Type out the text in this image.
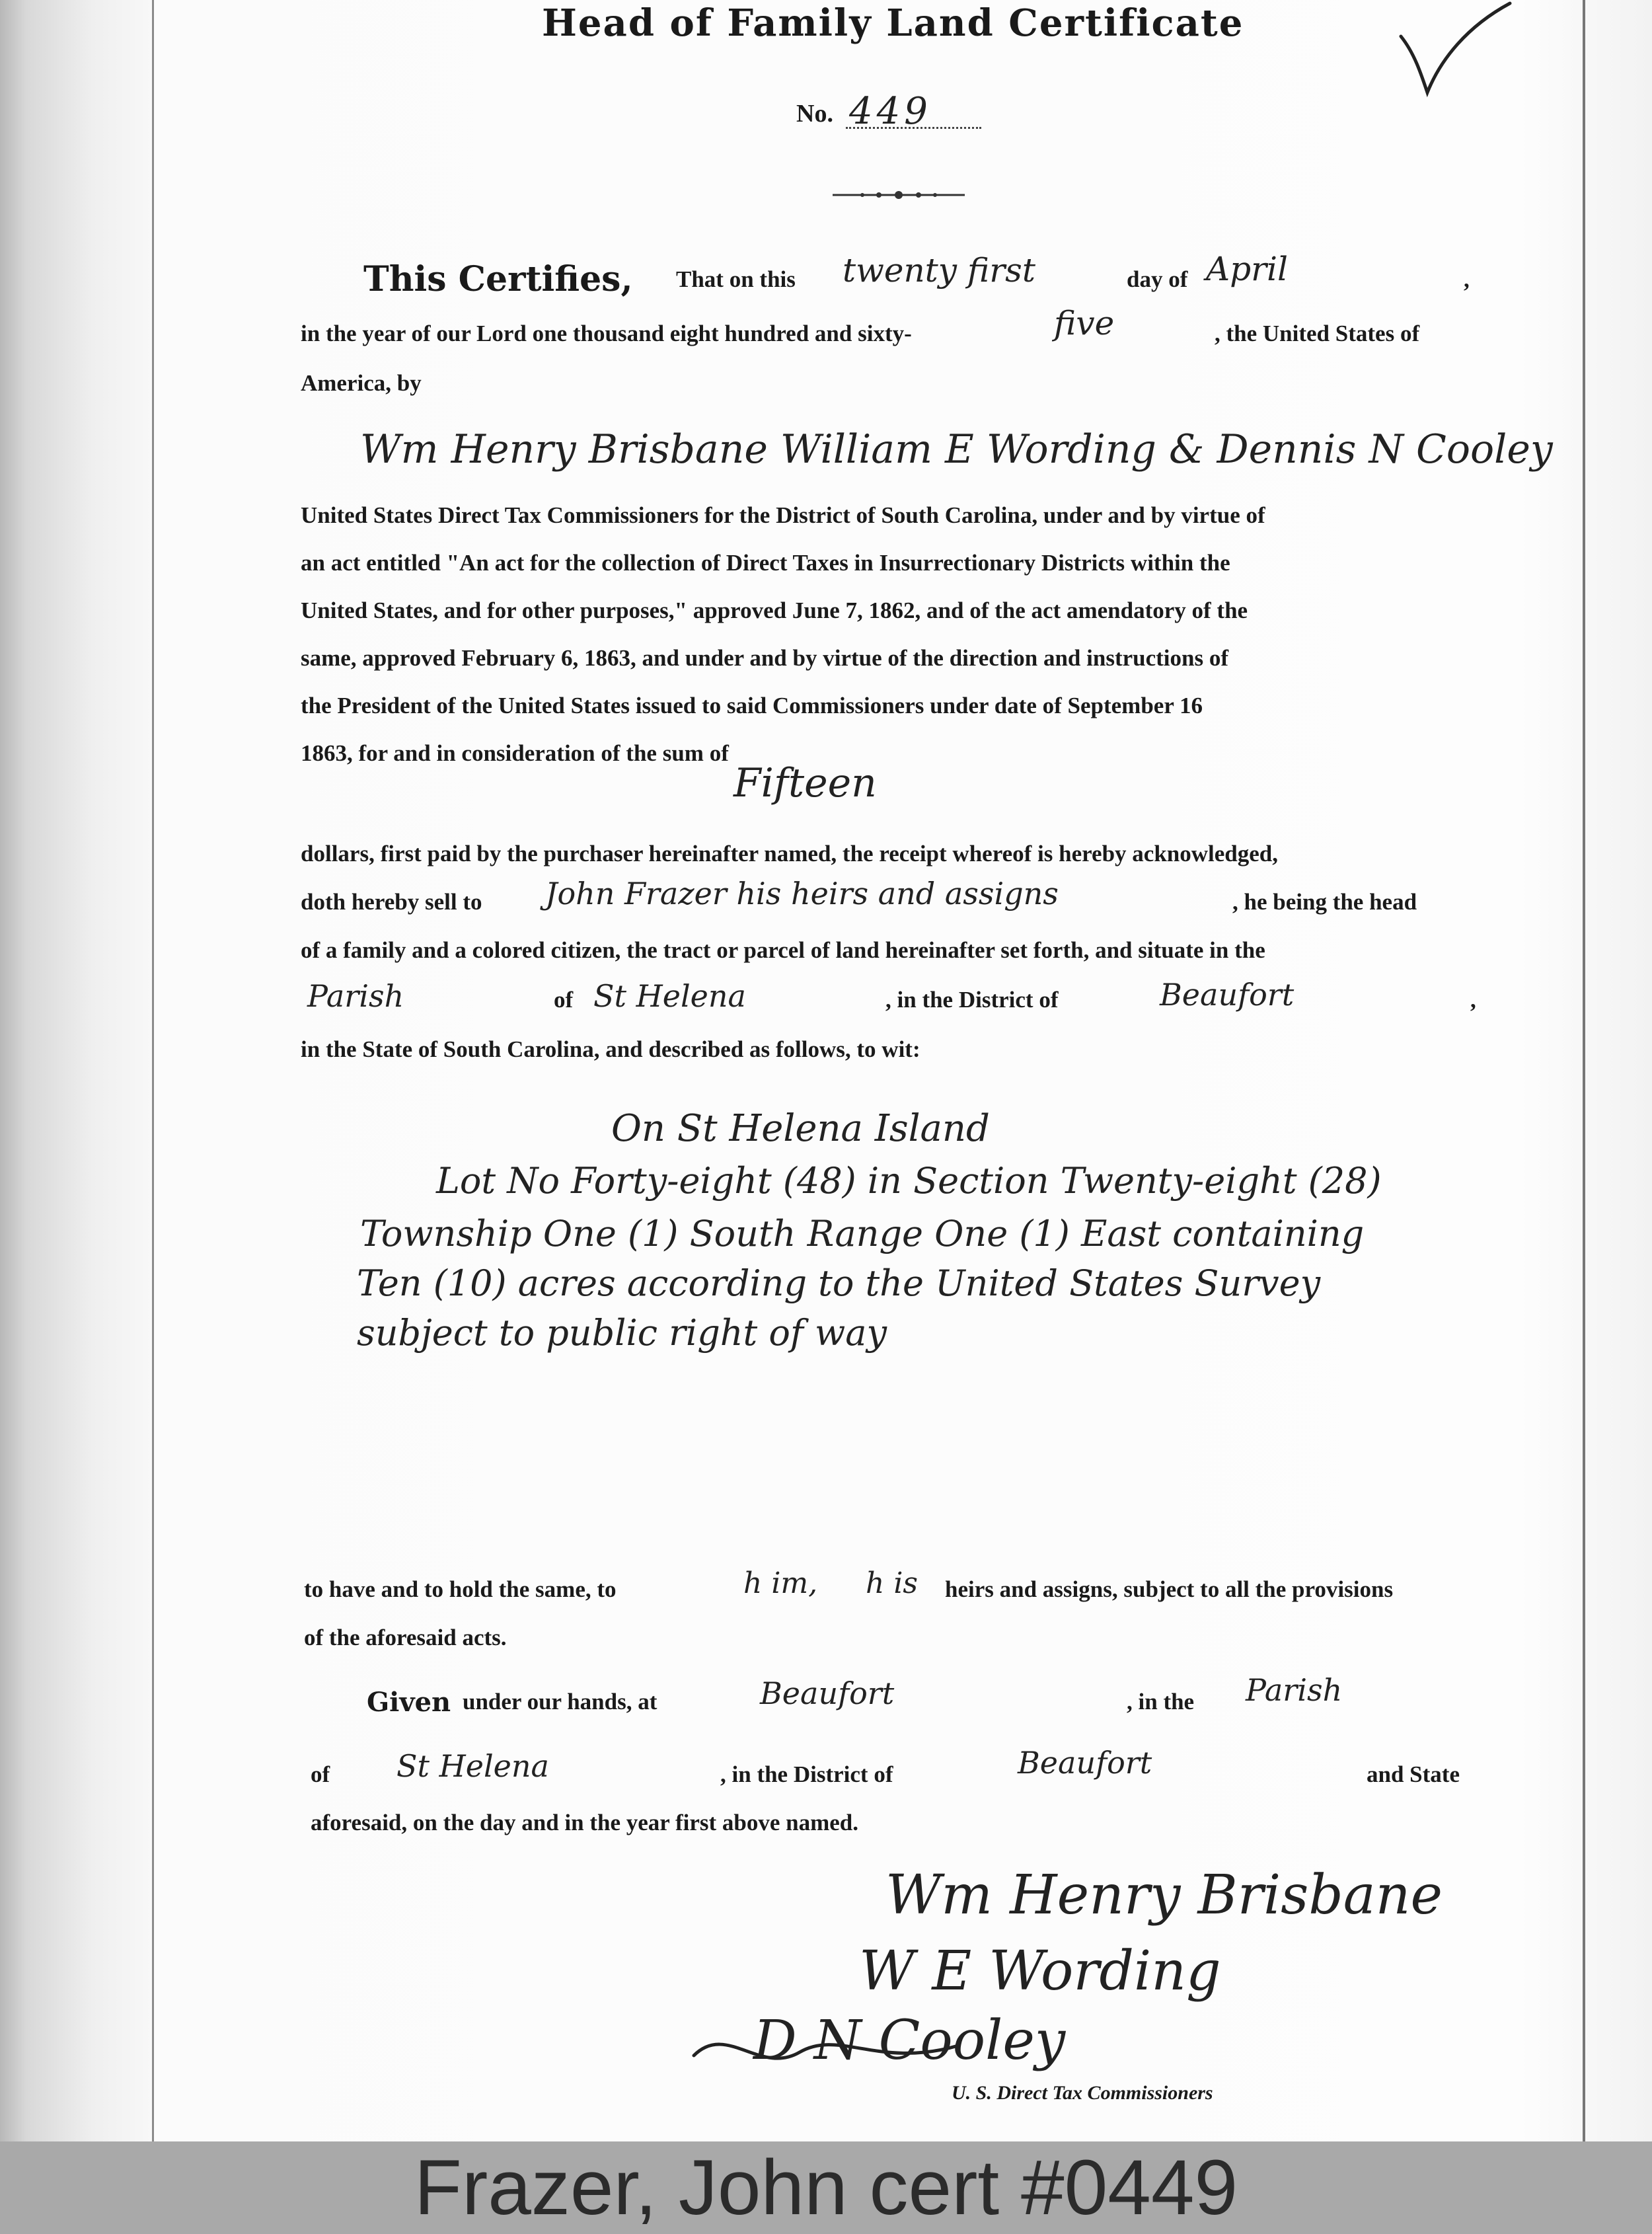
Head of Family Land Certificate
No. 449
This Certifies, That on this twenty first	day of April	,
in the year of our Lord one thousand eight hundred and sixty-	five	, the United States of
America, by
Wm Henry Brisbane William E Wording & Dennis N Cooley
United States Direct Tax Commissioners for the District of South Carolina, under and by virtue of
an act entitled "An act for the collection of Direct Taxes in Insurrectionary Districts within the
United States, and for other purposes," approved June 7, 1862, and of the act amendatory of the
same, approved February 6, 1863, and under and by virtue of the direction and instructions of
the President of the United States issued to said Commissioners under date of September 16
1863, for and in consideration of the sum of
Fifteen
dollars, first paid by the purchaser hereinafter named, the receipt whereof is hereby acknowledged,
doth hereby sell to John Frazer his heirs and assigns	, he being the head
of a family and a colored citizen, the tract or parcel of land hereinafter set forth, and situate in the
Parish	of St Helena	, in the District of	Beaufort	,
in the State of South Carolina, and described as follows, to wit:
On St Helena Island
Lot No Forty-eight (48) in Section Twenty-eight (28)
Township One (1) South Range One (1) East containing
Ten (10) acres according to the United States Survey
subject to public right of way
to have and to hold the same, to	h im, h is heirs and assigns, subject to all the provisions
of the aforesaid acts.
Given under our hands, at	Beaufort	, in the Parish
of St Helena	, in the District of	Beaufort	and State
aforesaid, on the day and in the year first above named.
Wm Henry Brisbane
W E Wording
D N Cooley
U. S. Direct Tax Commissioners
Frazer, John cert #0449
